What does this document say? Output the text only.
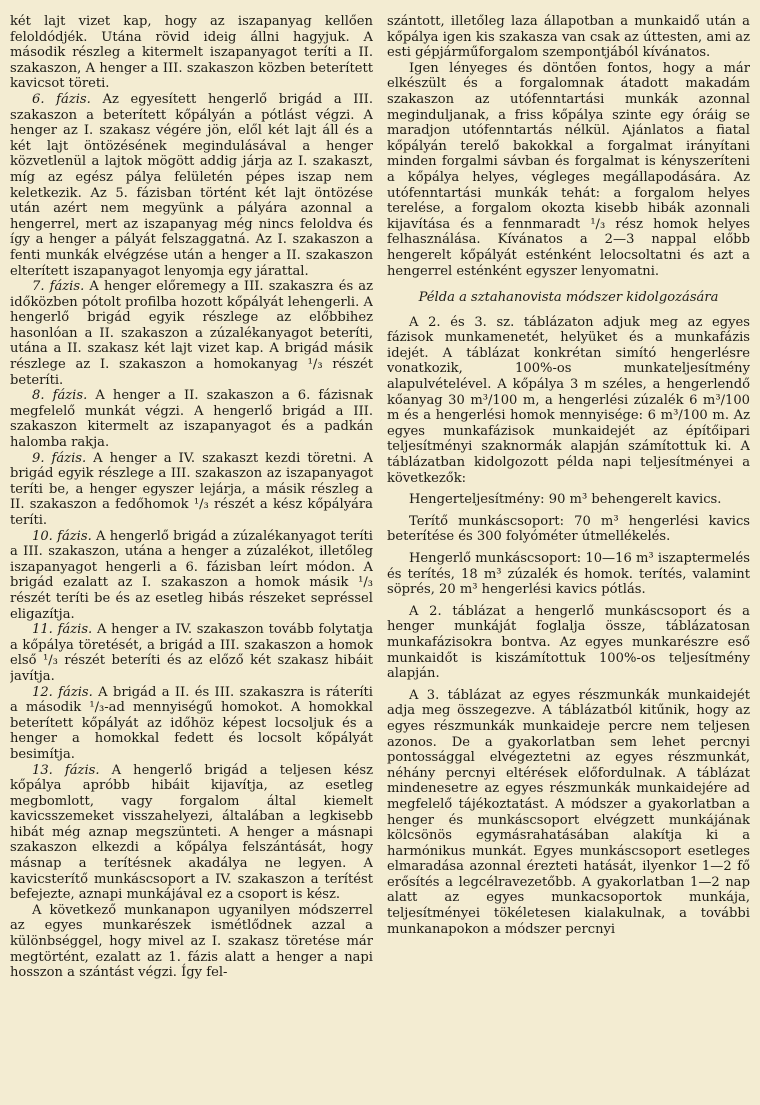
két lajt vizet kap, hogy az iszapanyag kellően feloldódjék. Utána rövid ideig állni hagyjuk. A második részleg a kitermelt iszapanyagot teríti a II. szakaszon, A henger a III. szakaszon közben beterített kavicsot töreti.

6. fázis. Az egyesített hengerlő brigád a III. szakaszon a beterített kőpályán a pótlást végzi. A henger az I. szakasz végére jön, elől két lajt áll és a két lajt öntözésének megindulásával a henger közvetlenül a lajtok mögött addig járja az I. szakaszt, míg az egész pálya felületén pépes iszap nem keletkezik. Az 5. fázisban történt két lajt öntözése után azért nem megyünk a pályára azonnal a hengerrel, mert az iszapanyag még nincs feloldva és így a henger a pályát felszaggatná. Az I. szakaszon a fenti munkák elvégzése után a henger a II. szakaszon elterített iszapanyagot lenyomja egy járattal.

7. fázis. A henger előremegy a III. szakaszra és az időközben pótolt profilba hozott kőpályát lehengerli. A hengerlő brigád egyik részlege az előbbihez hasonlóan a II. szakaszon a zúzalékanyagot beteríti, utána a II. szakasz két lajt vizet kap. A brigád másik részlege az I. szakaszon a homokanyag ¹/₃ részét beteríti.

8. fázis. A henger a II. szakaszon a 6. fázisnak megfelelő munkát végzi. A hengerlő brigád a III. szakaszon kitermelt az iszapanyagot és a padkán halomba rakja.

9. fázis. A henger a IV. szakaszt kezdi töretni. A brigád egyik részlege a III. szakaszon az iszapanyagot teríti be, a henger egyszer lejárja, a másik részleg a II. szakaszon a fedőhomok ¹/₃ részét a kész kőpályára teríti.

10. fázis. A hengerlő brigád a zúzalékanyagot teríti a III. szakaszon, utána a henger a zúzalékot, illetőleg iszapanyagot hengerli a 6. fázisban leírt módon. A brigád ezalatt az I. szakaszon a homok másik ¹/₃ részét teríti be és az esetleg hibás részeket sepréssel eligazítja.

11. fázis. A henger a IV. szakaszon tovább folytatja a kőpálya töretését, a brigád a III. szakaszon a homok első ¹/₃ részét beteríti és az előző két szakasz hibáit javítja.

12. fázis. A brigád a II. és III. szakaszra is ráteríti a második ¹/₃-ad mennyiségű homokot. A homokkal beterített kőpályát az időhöz képest locsoljuk és a henger a homokkal fedett és locsolt kőpályát besimítja.

13. fázis. A hengerlő brigád a teljesen kész kőpálya apróbb hibáit kijavítja, az esetleg megbomlott, vagy forgalom által kiemelt kavicsszemeket visszahelyezi, általában a legkisebb hibát még aznap megszünteti. A henger a másnapi szakaszon elkezdi a kőpálya felszántását, hogy másnap a terítésnek akadálya ne legyen. A kavicsterítő munkáscsoport a IV. szakaszon a terítést befejezte, aznapi munkájával ez a csoport is kész.

A következő munkanapon ugyanilyen módszerrel az egyes munkarészek ismétlődnek azzal a különbséggel, hogy mivel az I. szakasz töretése már megtörtént, ezalatt az 1. fázis alatt a henger a napi hosszon a szántást végzi. Így fel-

szántott, illetőleg laza állapotban a munkaidő után a kőpálya igen kis szakasza van csak az úttesten, ami az esti gépjárműforgalom szempontjából kívánatos.

Igen lényeges és döntően fontos, hogy a már elkészült és a forgalomnak átadott makadám szakaszon az utófenntartási munkák azonnal meginduljanak, a friss kőpálya szinte egy óráig se maradjon utófenntartás nélkül. Ajánlatos a fiatal kőpályán terelő bakokkal a forgalmat irányítani minden forgalmi sávban és forgalmat is kényszeríteni a kőpálya helyes, végleges megállapodására. Az utófenntartási munkák tehát: a forgalom helyes terelése, a forgalom okozta kisebb hibák azonnali kijavítása és a fennmaradt ¹/₃ rész homok helyes felhasználása. Kívánatos a 2—3 nappal előbb hengerelt kőpályát esténként lelocsoltatni és azt a hengerrel esténként egyszer lenyomatni.

Példa a sztahanovista módszer kidolgozására

A 2. és 3. sz. táblázaton adjuk meg az egyes fázisok munkamenetét, helyüket és a munkafázis idejét. A táblázat konkrétan simító hengerlésre vonatkozik, 100%-os munkateljesítmény alapulvételével. A kőpálya 3 m széles, a hengerlendő kőanyag 30 m³/100 m, a hengerlési zúzalék 6 m³/100 m és a hengerlési homok mennyisége: 6 m³/100 m. Az egyes munkafázisok munkaidejét az építőipari teljesítményi szaknormák alapján számítottuk ki. A táblázatban kidolgozott példa napi teljesítményei a következők:

Hengerteljesítmény: 90 m³ behengerelt kavics.

Terítő munkáscsoport: 70 m³ hengerlési kavics beterítése és 300 folyóméter útmellékelés.

Hengerlő munkáscsoport: 10—16 m³ iszaptermelés és terítés, 18 m³ zúzalék és homok. terítés, valamint söprés, 20 m³ hengerlési kavics pótlás.

A 2. táblázat a hengerlő munkáscsoport és a henger munkáját foglalja össze, táblázatosan munkafázisokra bontva. Az egyes munkarészre eső munkaidőt is kiszámítottuk 100%-os teljesítmény alapján.

A 3. táblázat az egyes részmunkák munkaidejét adja meg összegezve. A táblázatból kitűnik, hogy az egyes részmunkák munkaideje percre nem teljesen azonos. De a gyakorlatban sem lehet percnyi pontossággal elvégeztetni az egyes részmunkát, néhány percnyi eltérések előfordulnak. A táblázat mindenesetre az egyes részmunkák munkaidejére ad megfelelő tájékoztatást. A módszer a gyakorlatban a henger és munkáscsoport elvégzett munkájának kölcsönös egymásrahatásában alakítja ki a harmónikus munkát. Egyes munkáscsoport esetleges elmaradása azonnal érezteti hatását, ilyenkor 1—2 fő erősítés a legcélravezetőbb. A gyakorlatban 1—2 nap alatt az egyes munkacsoportok munkája, teljesítményei tökéletesen kialakulnak, a további munkanapokon a módszer percnyi
